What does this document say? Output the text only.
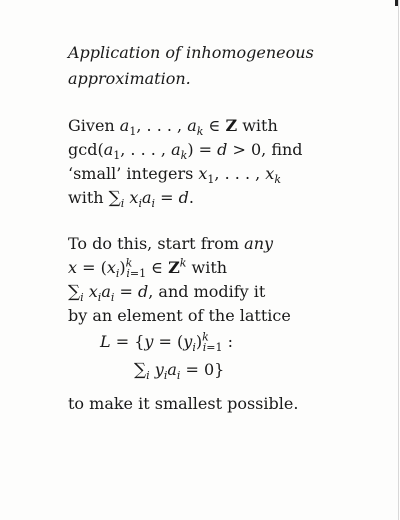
Application of inhomogeneous
approximation.

Given $a_1$, . . . , $a_k$ ∈ Z with
$\gcd(a_1$, . . . , $a_k) = d > 0$, find
‘small’ integers $x_1$, . . . , $x_k$
with $\sum_i$ $x_ia_i = d$.

To do this, start from any
$x = (x_i)^k_{i=1}$ ∈ $Z^k$ with
$\sum_i$ $x_ia_i = d$, and modify it
by an element of the lattice

$L = \{y = (y_i)^k_{i=1}$ :
$\sum_i$ $y_ia_i = 0$}
to make it smallest possible.
